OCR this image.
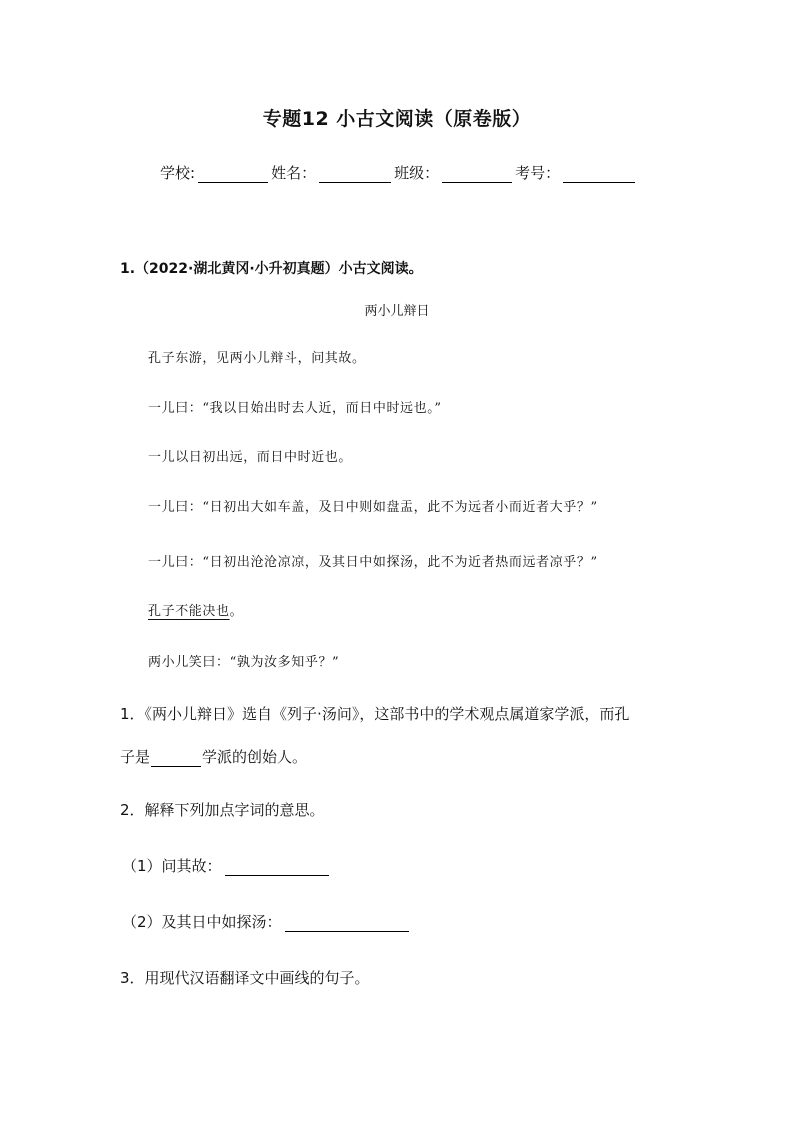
专题12 小古文阅读（原卷版）
学校:	姓名：	班级：	考号：
1.（2022·湖北黄冈·小升初真题）小古文阅读。
两小儿辩日
孔子东游，见两小儿辩斗，问其故。
一儿曰：“我以日始出时去人近，而日中时远也。”
一儿以日初出远，而日中时近也。
一儿曰：“日初出大如车盖，及日中则如盘盂，此不为远者小而近者大乎？”
一儿曰：“日初出沧沧凉凉，及其日中如探汤，此不为近者热而远者凉乎？”
孔子不能决也。
两小儿笑曰：“孰为汝多知乎？”
1．《两小儿辩日》选自《列子·汤问》，这部书中的学术观点属道家学派，而孔
子是	学派的创始人。
2．解释下列加点字词的意思。
（1）问其故：
（2）及其日中如探汤：
3．用现代汉语翻译文中画线的句子。
